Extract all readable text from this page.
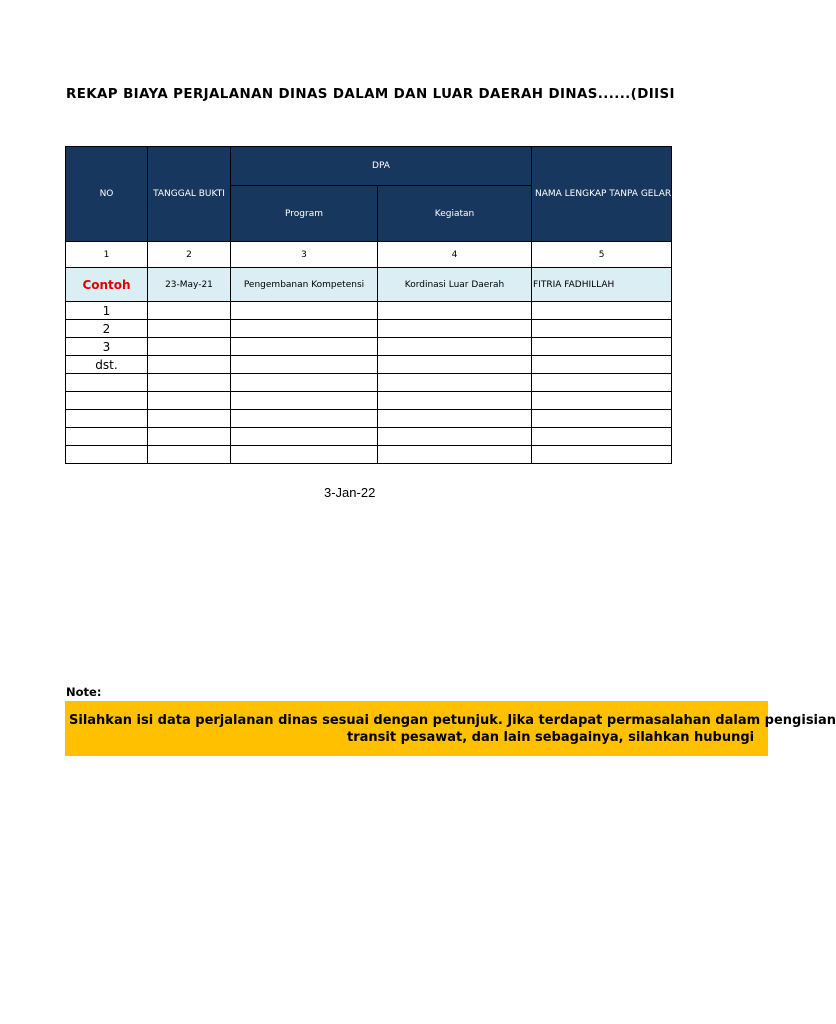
REKAP BIAYA PERJALANAN DINAS DALAM DAN LUAR DAERAH DINAS......(DIISI
NO	TANGGAL BUKTI	DPA		NAMA LENGKAP TANPA GELAR
		Program	Kegiatan	
1	2	3	4	5
Contoh	23-May-21	Pengembanan Kompetensi	Kordinasi Luar Daerah	FITRIA FADHILLAH
1				
2				
3				
dst.				

3-Jan-22
Note:
Silahkan isi data perjalanan dinas sesuai dengan petunjuk. Jika terdapat permasalahan dalam pengisian
transit pesawat, dan lain sebagainya, silahkan hubungi
